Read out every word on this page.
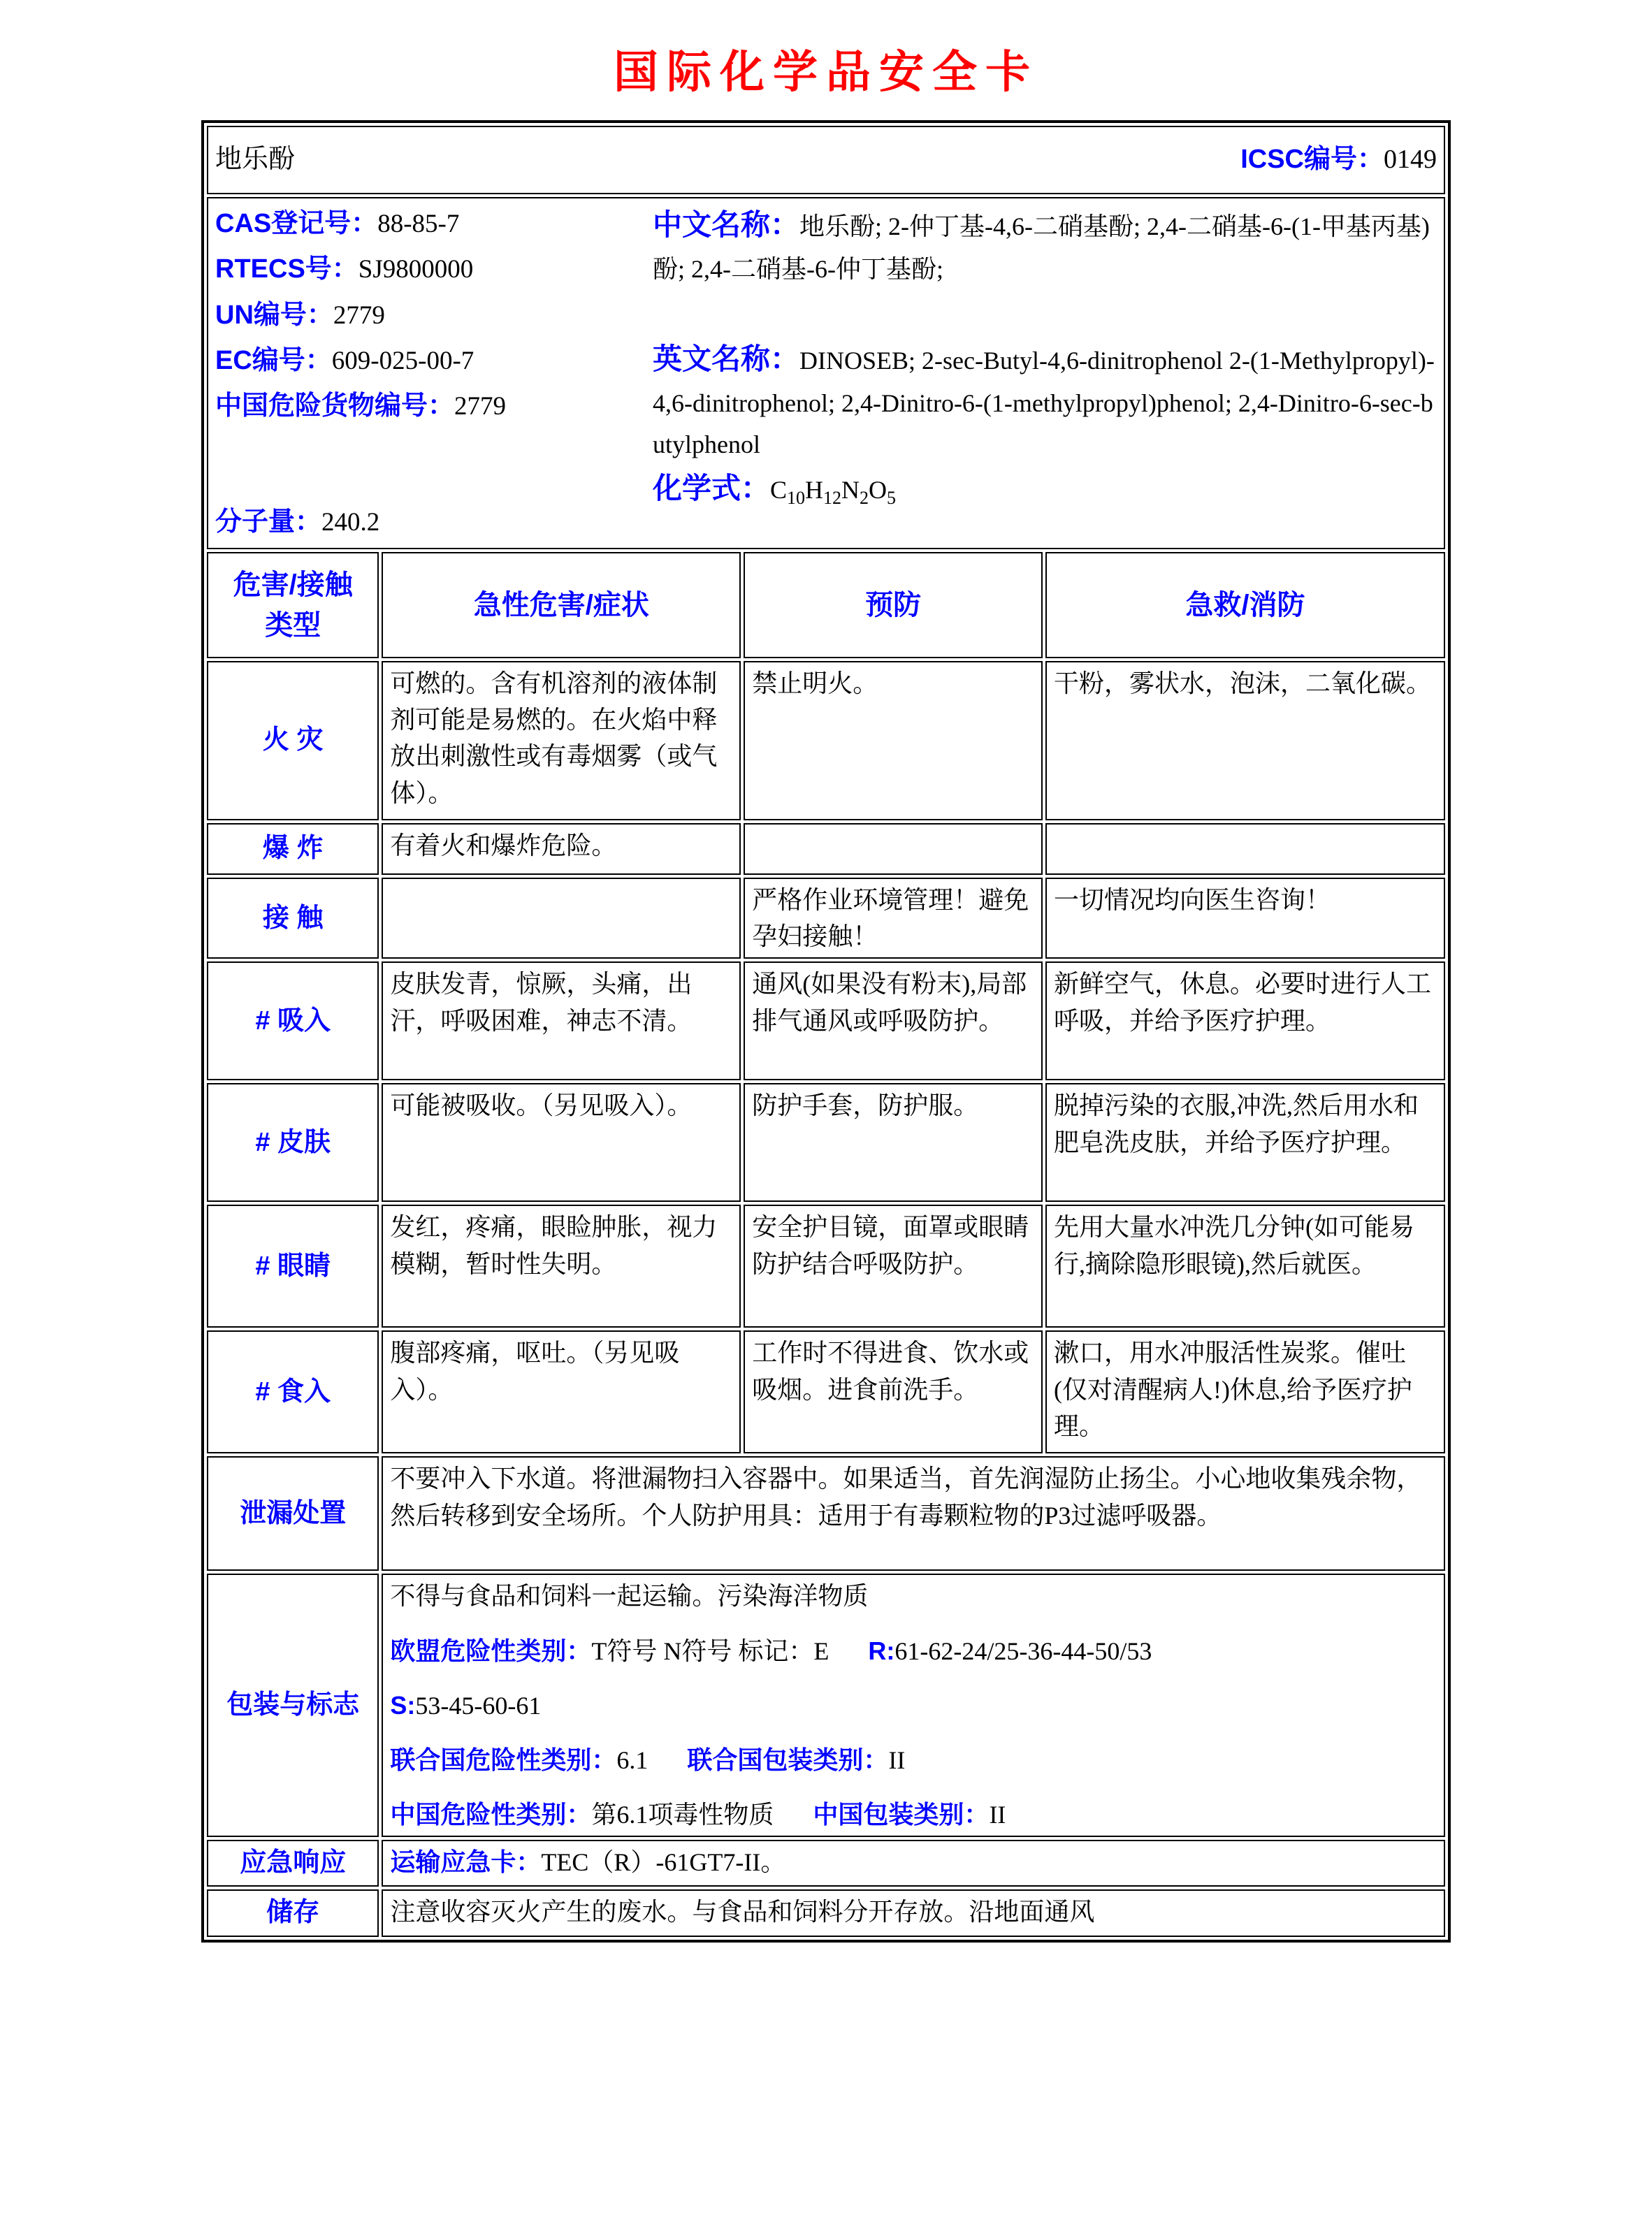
国际化学品安全卡
地乐酚 ICSC编号：0149			

CAS登记号：88-85-7
RTECS号：SJ9800000
UN编号：2779
EC编号：609-025-00-7
中国危险货物编号：2779
分子量：240.2
中文名称：地乐酚; 2-仲丁基-4,6-二硝基酚; 2,4-二硝基-6-(1-甲基丙基)酚; 2,4-二硝基-6-仲丁基酚;
英文名称：DINOSEB; 2-sec-Butyl-4,6-dinitrophenol 2-(1-Methylpropyl)-4,6-dinitrophenol; 2,4-Dinitro-6-(1-methylpropyl)phenol; 2,4-Dinitro-6-sec-butylphenol
化学式：$C_{10}H_{12}N_2O_5$

危害/接触
类型	急性危害/症状	预防	急救/消防
火 灾	可燃的。含有机溶剂的液体制剂可能是易燃的。在火焰中释放出刺激性或有毒烟雾（或气体）。	禁止明火。	干粉，雾状水，泡沫，二氧化碳。
爆 炸	有着火和爆炸危险。		
接 触		严格作业环境管理！避免孕妇接触！	一切情况均向医生咨询！
# 吸入	皮肤发青，惊厥，头痛，出汗，呼吸困难，神志不清。	通风(如果没有粉末),局部排气通风或呼吸防护。	新鲜空气，休息。必要时进行人工呼吸，并给予医疗护理。
# 皮肤	可能被吸收。（另见吸入）。	防护手套，防护服。	脱掉污染的衣服,冲洗,然后用水和肥皂洗皮肤，并给予医疗护理。
# 眼睛	发红，疼痛，眼睑肿胀，视力模糊，暂时性失明。	安全护目镜，面罩或眼睛防护结合呼吸防护。	先用大量水冲洗几分钟(如可能易行,摘除隐形眼镜),然后就医。
# 食入	腹部疼痛，呕吐。（另见吸入）。	工作时不得进食、饮水或吸烟。进食前洗手。	漱口，用水冲服活性炭浆。催吐(仅对清醒病人!)休息,给予医疗护理。
泄漏处置	不要冲入下水道。将泄漏物扫入容器中。如果适当，首先润湿防止扬尘。小心地收集残余物，然后转移到安全场所。个人防护用具：适用于有毒颗粒物的P3过滤呼吸器。		
包装与标志	不得与食品和饲料一起运输。污染海洋物质
欧盟危险性类别：T符号 N符号 标记：E R:61-62-24/25-36-44-50/53
S:53-45-60-61
联合国危险性类别：6.1 联合国包装类别：II
中国危险性类别：第6.1项毒性物质 中国包装类别：II		

应急响应	运输应急卡：TEC（R）-61GT7-II。		
储存	注意收容灭火产生的废水。与食品和饲料分开存放。沿地面通风		
